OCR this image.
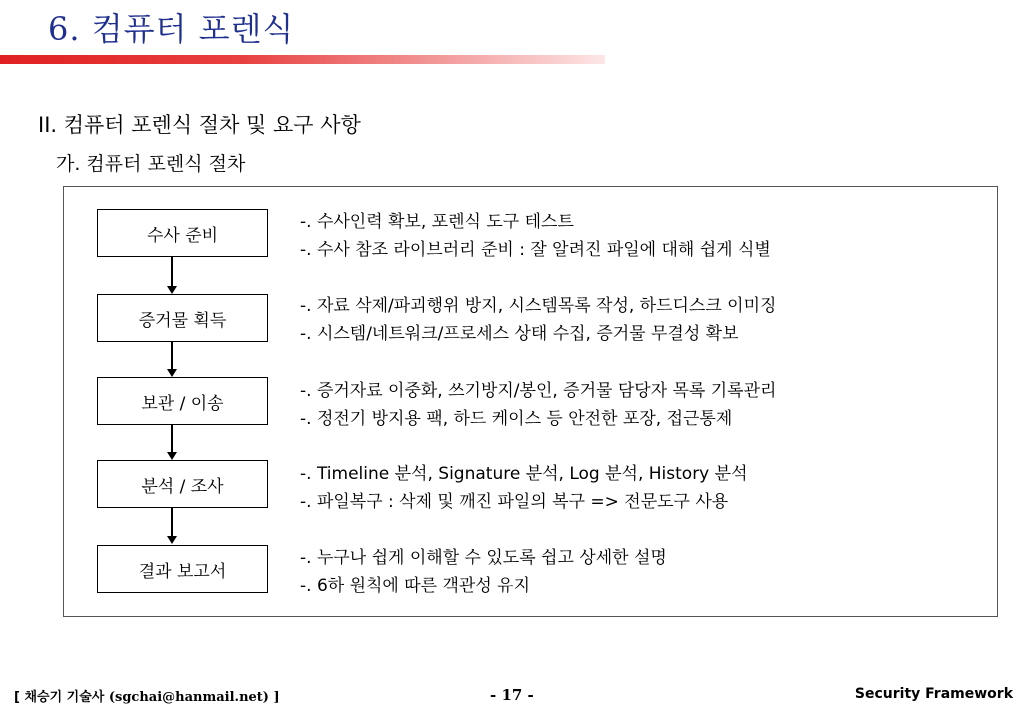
6. 컴퓨터 포렌식
II. 컴퓨터 포렌식 절차 및 요구 사항
가. 컴퓨터 포렌식 절차
수사 준비
-. 수사인력 확보, 포렌식 도구 테스트
-. 수사 참조 라이브러리 준비 : 잘 알려진 파일에 대해 쉽게 식별
증거물 획득
-. 자료 삭제/파괴행위 방지, 시스템목록 작성, 하드디스크 이미징
-. 시스템/네트워크/프로세스 상태 수집, 증거물 무결성 확보
보관 / 이송
-. 증거자료 이중화, 쓰기방지/봉인, 증거물 담당자 목록 기록관리
-. 정전기 방지용 팩, 하드 케이스 등 안전한 포장, 접근통제
분석 / 조사
-. Timeline 분석, Signature 분석, Log 분석, History 분석
-. 파일복구 : 삭제 및 깨진 파일의 복구 => 전문도구 사용
결과 보고서
-. 누구나 쉽게 이해할 수 있도록 쉽고 상세한 설명
-. 6하 원칙에 따른 객관성 유지
[ 채승기 기술사 (sgchai@hanmail.net) ]	- 17 -	Security Framework
